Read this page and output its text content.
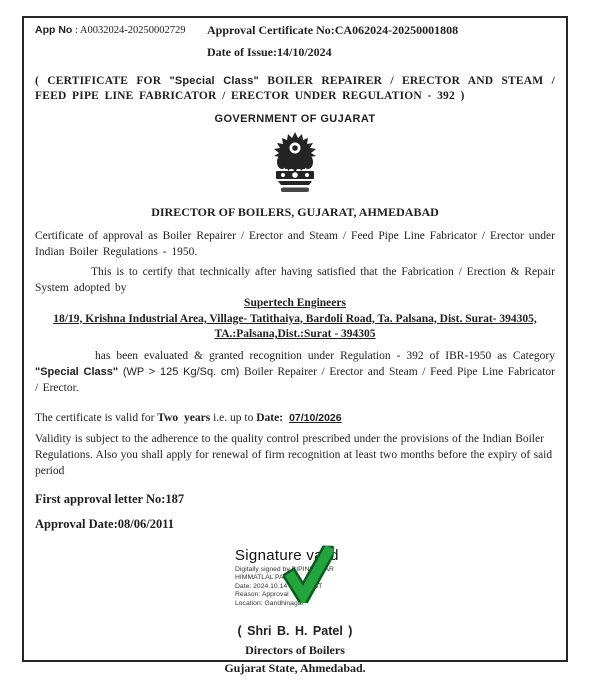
App No : A0032024-20250002729	Approval Certificate No:CA062024-20250001808
Date of Issue:14/10/2024

( CERTIFICATE FOR "Special Class" BOILER REPAIRER / ERECTOR AND STEAM / FEED PIPE LINE FABRICATOR / ERECTOR UNDER REGULATION - 392 )

GOVERNMENT OF GUJARAT
DIRECTOR OF BOILERS, GUJARAT, AHMEDABAD

Certificate of approval as Boiler Repairer / Erector and Steam / Feed Pipe Line Fabricator / Erector under Indian Boiler Regulations - 1950.

This is to certify that technically after having satisfied that the Fabrication / Erection & Repair System adopted by

Supertech Engineers
18/19, Krishna Industrial Area, Village- Tatithaiya, Bardoli Road, Ta. Palsana, Dist. Surat- 394305,
TA.:Palsana,Dist.:Surat - 394305

has been evaluated & granted recognition under Regulation - 392 of IBR-1950 as Category "Special Class" (WP > 125 Kg/Sq. cm) Boiler Repairer / Erector and Steam / Feed Pipe Line Fabricator / Erector.

The certificate is valid for Two years i.e. up to Date: 07/10/2026

Validity is subject to the adherence to the quality control prescribed under the provisions of the Indian Boiler Regulations. Also you shall apply for renewal of firm recognition at least two months before the expiry of said period

First approval letter No:187

Approval Date:08/06/2011

Signature valid
Digitally signed by BIPINKUMAR
HIMMATLAL PATEL
Date: 2024.10.14       :07 IST
Reason: Approval
Location: Gandhinagar
( Shri B. H. Patel )
Directors of Boilers
Gujarat State, Ahmedabad.
